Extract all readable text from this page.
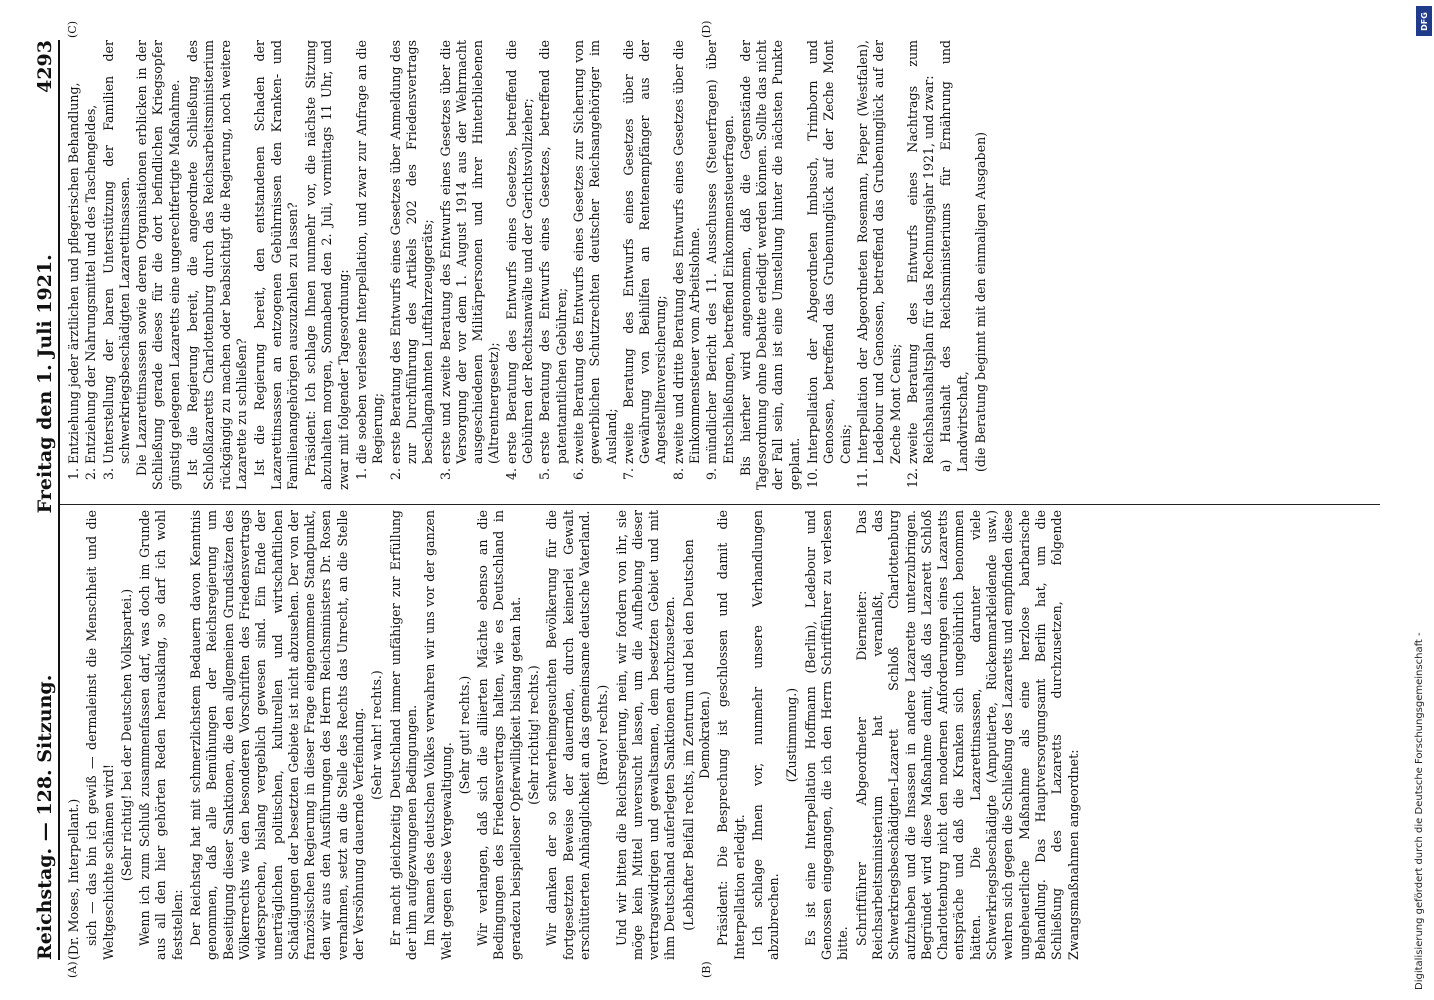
Reichstag. — 128. Sitzung.
Freitag den 1. Juli 1921.
4293
(A)	(B)
(C)	(D)

(Dr. Moses, Interpellant.) sich — das bin ich gewiß — dermaleinst die Menschheit und die Weltgeschichte schämen wird! (Sehr richtig! bei der Deutschen Volkspartei.) Wenn ich zum Schluß zusammenfassen darf, was doch im Grunde aus all den hier gehörten Reden herausklang, so darf ich wohl feststellen: Der Reichstag hat mit schmerzlichstem Bedauern davon Kenntnis genommen, daß alle Bemühungen der Reichsregierung um Beseitigung dieser Sanktionen, die den allgemeinen Grundsätzen des Völkerrechts wie den besonderen Vorschriften des Friedensvertrags widersprechen, bislang vergeblich gewesen sind. Ein Ende der unerträglichen politischen, kulturellen und wirtschaftlichen Schädigungen der besetzten Gebiete ist nicht abzusehen. Der von der französischen Regierung in dieser Frage eingenommene Standpunkt, den wir aus den Ausführungen des Herrn Reichsministers Dr. Rosen vernahmen, setzt an die Stelle des Rechts das Unrecht, an die Stelle der Versöhnung dauernde Verfeindung. (Sehr wahr! rechts.) Er macht gleichzeitig Deutschland immer unfähiger zur Erfüllung der ihm aufgezwungenen Bedingungen. Im Namen des deutschen Volkes verwahren wir uns vor der ganzen Welt gegen diese Vergewaltigung.

(Sehr gut! rechts.) Wir verlangen, daß sich die alliierten Mächte ebenso an die Bedingungen des Friedensvertrags halten, wie es Deutschland in geradezu beispielloser Opferwilligkeit bislang getan hat. (Sehr richtig! rechts.) Wir danken der so schwerheimgesuchten Bevölkerung für die fortgesetzten Beweise der dauernden, durch keinerlei Gewalt erschütterten Anhänglichkeit an das gemeinsame deutsche Vaterland. (Bravo! rechts.) Und wir bitten die Reichsregierung, nein, wir fordern von ihr, sie möge kein Mittel unversucht lassen, um die Aufhebung dieser vertragswidrigen und gewaltsamen, dem besetzten Gebiet und mit ihm Deutschland auferlegten Sanktionen durchzusetzen. (Lebhafter Beifall rechts, im Zentrum und bei den Deutschen Demokraten.) Präsident: Die Besprechung ist geschlossen und damit die Interpellation erledigt. Ich schlage Ihnen vor, nunmehr unsere Verhandlungen abzubrechen.

(Zustimmung.) Es ist eine Interpellation Hoffmann (Berlin), Ledebour und Genossen eingegangen, die ich den Herrn Schriftführer zu verlesen bitte. Schriftführer Abgeordneter Dierneiter: Das Reichsarbeitsministerium hat veranlaßt, das Schwerkriegsbeschädigten-Lazarett Schloß Charlottenburg aufzuheben und die Insassen in andere Lazarette unterzubringen. Begründet wird diese Maßnahme damit, daß das Lazarett Schloß Charlottenburg nicht den modernen Anforderungen eines Lazaretts entspräche und daß die Kranken sich ungebührlich benommen hätten. Die Lazarettinsassen, darunter viele Schwerkriegsbeschädigte (Amputierte, Rückenmarkleidende usw.) wehren sich gegen die Schließung des Lazaretts und empfinden diese ungeheuerliche Maßnahme als eine herzlose barbarische Behandlung. Das Hauptversorgungsamt Berlin hat, um die Schließung des Lazaretts durchzusetzen, folgende Zwangsmaßnahmen angeordnet:

1. Entziehung jeder ärztlichen und pflegerischen Behandlung, 2. Entziehung der Nahrungsmittel und des Taschengeldes, 3. Unterstellung der baren Unterstützung der Familien der schwerkriegsbeschädigten Lazarettinsassen. Die Lazarettinsassen sowie deren Organisationen erblicken in der Schließung gerade dieses für die dort befindlichen Kriegsopfer günstig gelegenen Lazaretts eine ungerechtfertigte Maßnahme. Ist die Regierung bereit, die angeordnete Schließung des Schloßlazaretts Charlottenburg durch das Reichsarbeitsministerium rückgängig zu machen oder beabsichtigt die Regierung, noch weitere Lazarette zu schließen? Ist die Regierung bereit, den entstandenen Schaden der Lazarettinsassen an entzogenen Gebührnissen den Kranken- und Familienangehörigen auszuzahlen zu lassen? Präsident: Ich schlage Ihnen nunmehr vor, die nächste Sitzung abzuhalten morgen, Sonnabend den 2. Juli, vormittags 11 Uhr, und zwar mit folgender Tagesordnung: 1. die soeben verlesene Interpellation, und zwar zur Anfrage an die Regierung; 2. erste Beratung des Entwurfs eines Gesetzes über Anmeldung des zur Durchführung des Artikels 202 des Friedensvertrags beschlagnahmten Luftfahrzeuggeräts; 3. erste und zweite Beratung des Entwurfs eines Gesetzes über die Versorgung der vor dem 1. August 1914 aus der Wehrmacht ausgeschiedenen Militärpersonen und ihrer Hinterbliebenen (Altrentnergesetz); 4. erste Beratung des Entwurfs eines Gesetzes, betreffend die Gebühren der Rechtsanwälte und der Gerichtsvollzieher; 5. erste Beratung des Entwurfs eines Gesetzes, betreffend die patentamtlichen Gebühren; 6. zweite Beratung des Entwurfs eines Gesetzes zur Sicherung von gewerblichen Schutzrechten deutscher Reichsangehöriger im Ausland; 7. zweite Beratung des Entwurfs eines Gesetzes über die Gewährung von Beihilfen an Rentenempfänger aus der Angestelltenversicherung; 8. zweite und dritte Beratung des Entwurfs eines Gesetzes über die Einkommensteuer vom Arbeitslohne. 9. mündlicher Bericht des 11. Ausschusses (Steuerfragen) über Entschließungen, betreffend Einkommensteuerfragen. Bis hierher wird angenommen, daß die Gegenstände der Tagesordnung ohne Debatte erledigt werden können. Sollte das nicht der Fall sein, dann ist eine Umstellung hinter die nächsten Punkte geplant. 10. Interpellation der Abgeordneten Imbusch, Trimborn und Genossen, betreffend das Grubenunglück auf der Zeche Mont Cenis; 11. Interpellation der Abgeordneten Rosemann, Pieper (Westfalen), Ledebour und Genossen, betreffend das Grubenunglück auf der Zeche Mont Cenis; 12. zweite Beratung des Entwurfs eines Nachtrags zum Reichshaushaltsplan für das Rechnungsjahr 1921, und zwar: a) Haushalt des Reichsministeriums für Ernährung und Landwirtschaft, (die Beratung beginnt mit den einmaligen Ausgaben)

Digitalisierung gefördert durch die Deutsche Forschungsgemeinschaft -
DFG
